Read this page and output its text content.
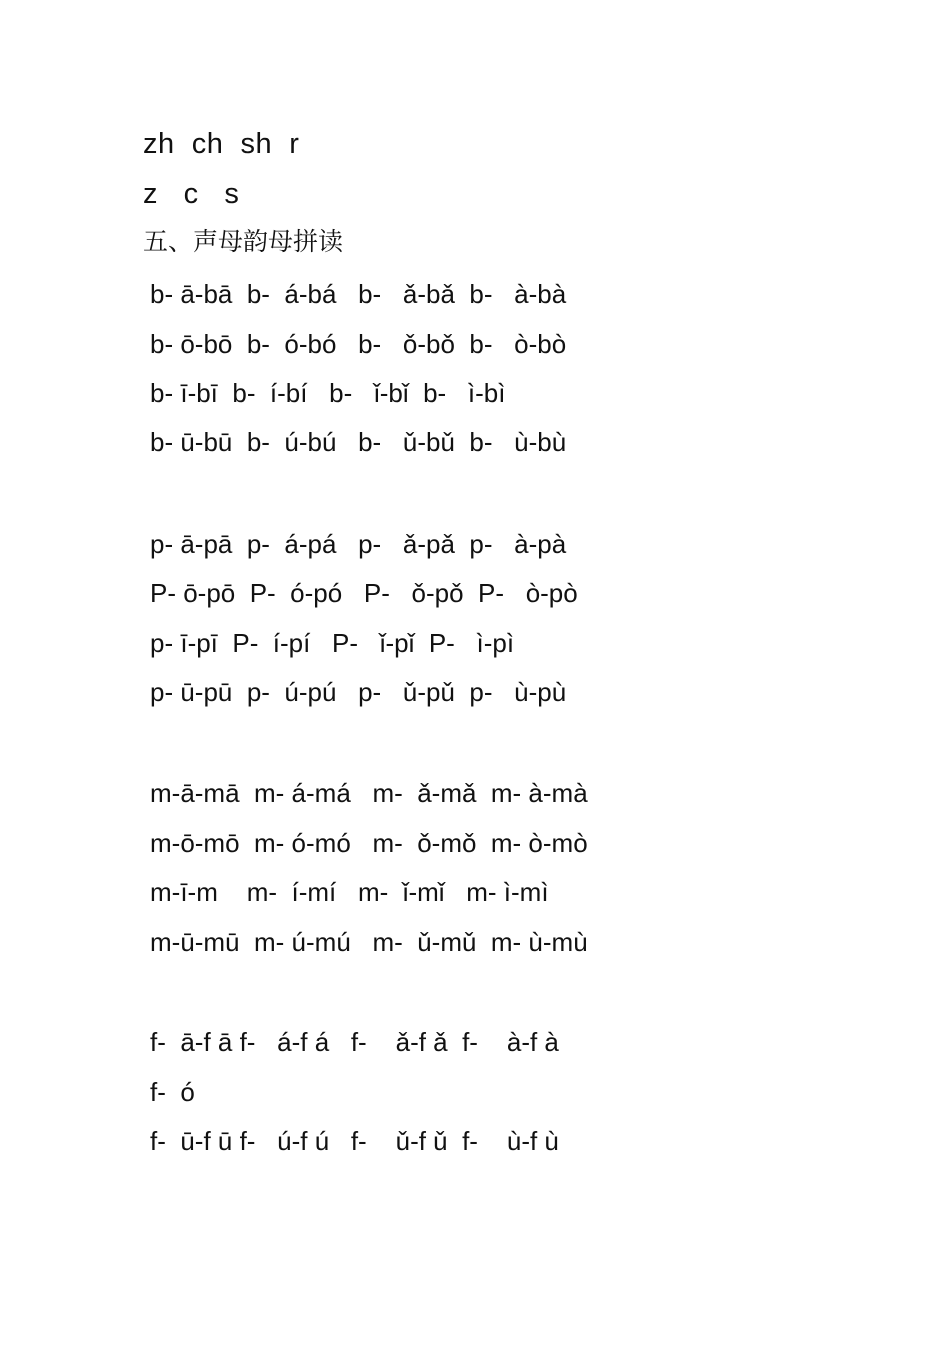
zh  ch  sh  r
z   c   s
五、声母韵母拼读
b- ā-bā  b-  á-bá   b-   ǎ-bǎ  b-   à-bà
b- ō-bō  b-  ó-bó   b-   ǒ-bǒ  b-   ò-bò
b- ī-bī  b-  í-bí   b-   ǐ-bǐ  b-   ì-bì
b- ū-bū  b-  ú-bú   b-   ǔ-bǔ  b-   ù-bù
p- ā-pā  p-  á-pá   p-   ǎ-pǎ  p-   à-pà
P- ō-pō  P-  ó-pó   P-   ǒ-pǒ  P-   ò-pò
p- ī-pī  P-  í-pí   P-   ǐ-pǐ  P-   ì-pì
p- ū-pū  p-  ú-pú   p-   ǔ-pǔ  p-   ù-pù
m-ā-mā  m- á-má   m-  ǎ-mǎ  m- à-mà
m-ō-mō  m- ó-mó   m-  ǒ-mǒ  m- ò-mò
m-ī-m    m-  í-mí   m-  ǐ-mǐ   m- ì-mì
m-ū-mū  m- ú-mú   m-  ǔ-mǔ  m- ù-mù
f-  ā-f ā f-   á-f á   f-    ǎ-f ǎ  f-    à-f à
f-  ó
f-  ū-f ū f-   ú-f ú   f-    ǔ-f ǔ  f-    ù-f ù
